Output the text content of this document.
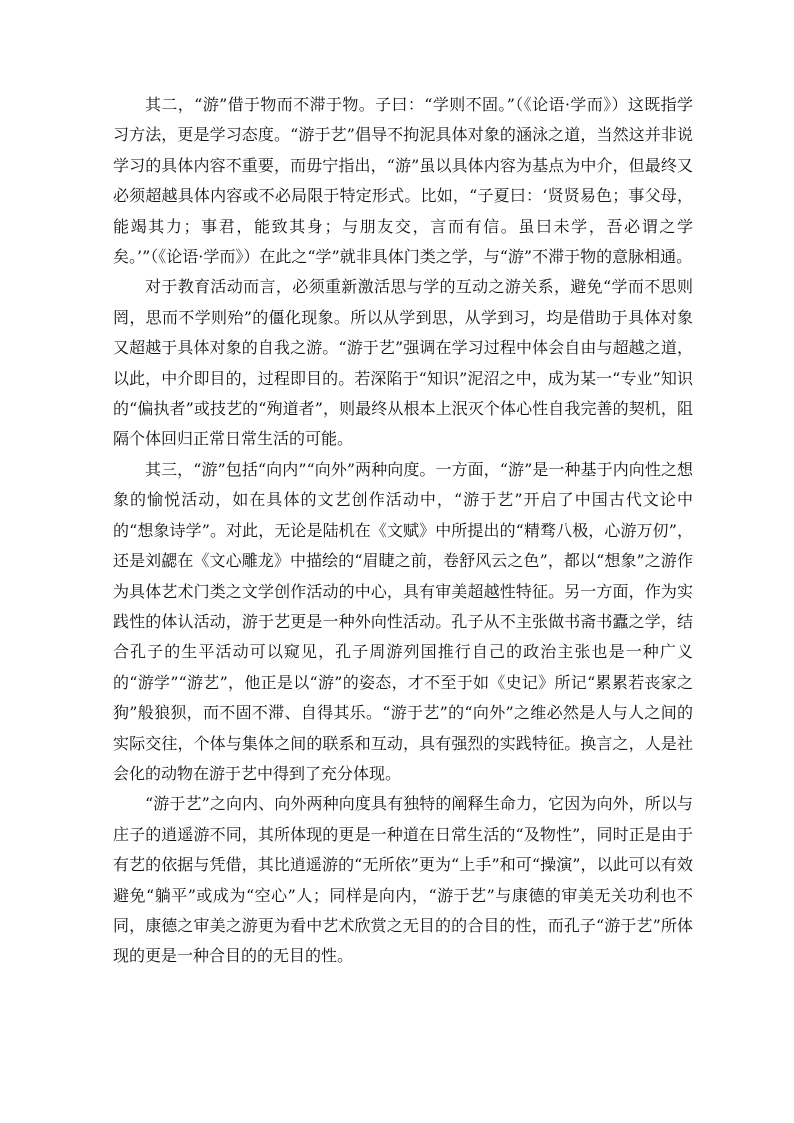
其二，“游”借于物而不滞于物。子曰：“学则不固。”（《论语·学而》）这既指学习方法，更是学习态度。“游于艺”倡导不拘泥具体对象的涵泳之道，当然这并非说学习的具体内容不重要，而毋宁指出，“游”虽以具体内容为基点为中介，但最终又必须超越具体内容或不必局限于特定形式。比如，“子夏曰：‘贤贤易色；事父母，能竭其力；事君，能致其身；与朋友交，言而有信。虽曰未学，吾必谓之学矣。’”（《论语·学而》）在此之“学”就非具体门类之学，与“游”不滞于物的意脉相通。

对于教育活动而言，必须重新激活思与学的互动之游关系，避免“学而不思则罔，思而不学则殆”的僵化现象。所以从学到思，从学到习，均是借助于具体对象又超越于具体对象的自我之游。“游于艺”强调在学习过程中体会自由与超越之道，以此，中介即目的，过程即目的。若深陷于“知识”泥沼之中，成为某一“专业”知识的“偏执者”或技艺的“殉道者”，则最终从根本上泯灭个体心性自我完善的契机，阻隔个体回归正常日常生活的可能。

其三，“游”包括“向内”“向外”两种向度。一方面，“游”是一种基于内向性之想象的愉悦活动，如在具体的文艺创作活动中，“游于艺”开启了中国古代文论中的“想象诗学”。对此，无论是陆机在《文赋》中所提出的“精骛八极，心游万仞”，还是刘勰在《文心雕龙》中描绘的“眉睫之前，卷舒风云之色”，都以“想象”之游作为具体艺术门类之文学创作活动的中心，具有审美超越性特征。另一方面，作为实践性的体认活动，游于艺更是一种外向性活动。孔子从不主张做书斋书蠹之学，结合孔子的生平活动可以窥见，孔子周游列国推行自己的政治主张也是一种广义的“游学”“游艺”，他正是以“游”的姿态，才不至于如《史记》所记“累累若丧家之狗”般狼狈，而不固不滞、自得其乐。“游于艺”的“向外”之维必然是人与人之间的实际交往，个体与集体之间的联系和互动，具有强烈的实践特征。换言之，人是社会化的动物在游于艺中得到了充分体现。

“游于艺”之向内、向外两种向度具有独特的阐释生命力，它因为向外，所以与庄子的逍遥游不同，其所体现的更是一种道在日常生活的“及物性”，同时正是由于有艺的依据与凭借，其比逍遥游的“无所依”更为“上手”和可“操演”，以此可以有效避免“躺平”或成为“空心”人；同样是向内，“游于艺”与康德的审美无关功利也不同，康德之审美之游更为看中艺术欣赏之无目的的合目的性，而孔子“游于艺”所体现的更是一种合目的的无目的性。
